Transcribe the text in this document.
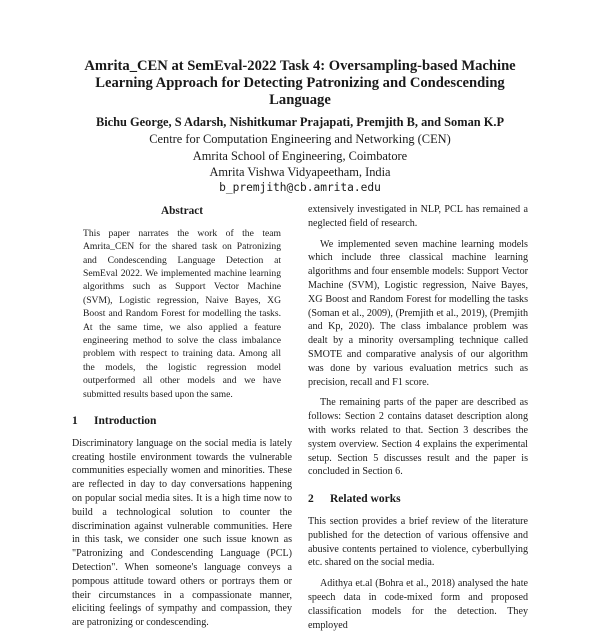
Amrita_CEN at SemEval-2022 Task 4: Oversampling-based Machine
Learning Approach for Detecting Patronizing and Condescending
Language
Bichu George, S Adarsh, Nishitkumar Prajapati, Premjith B, and Soman K.P
Centre for Computation Engineering and Networking (CEN)
Amrita School of Engineering, Coimbatore
Amrita Vishwa Vidyapeetham, India
b_premjith@cb.amrita.edu
Abstract
This paper narrates the work of the team Amrita_CEN for the shared task on Patronizing and Condescending Language Detection at SemEval 2022. We implemented machine learning algorithms such as Support Vector Machine (SVM), Logistic regression, Naive Bayes, XG Boost and Random Forest for modelling the tasks. At the same time, we also applied a feature engineering method to solve the class imbalance problem with respect to training data. Among all the models, the logistic regression model outperformed all other models and we have submitted results based upon the same.
1 Introduction

Discriminatory language on the social media is lately creating hostile environment towards the vulnerable communities especially women and minorities. These are reflected in day to day conversations happening on popular social media sites. It is a high time now to build a technological solution to counter the discrimination against vulnerable communities. Here in this task, we consider one such issue known as "Patronizing and Condescending Language (PCL) Detection". When someone's language conveys a pompous attitude toward others or portrays them or their circumstances in a compassionate manner, eliciting feelings of sympathy and compassion, they are patronizing or condescending.

extensively investigated in NLP, PCL has remained a neglected field of research.

We implemented seven machine learning models which include three classical machine learning algorithms and four ensemble models: Support Vector Machine (SVM), Logistic regression, Naive Bayes, XG Boost and Random Forest for modelling the tasks (Soman et al., 2009), (Premjith et al., 2019), (Premjith and Kp, 2020). The class imbalance problem was dealt by a minority oversampling technique called SMOTE and comparative analysis of our algorithm was done by various evaluation metrics such as precision, recall and F1 score.

The remaining parts of the paper are described as follows: Section 2 contains dataset description along with works related to that. Section 3 describes the system overview. Section 4 explains the experimental setup. Section 5 discusses result and the paper is concluded in Section 6.

2 Related works

This section provides a brief review of the literature published for the detection of various offensive and abusive contents pertained to violence, cyberbullying etc. shared on the social media.

Adithya et.al (Bohra et al., 2018) analysed the hate speech data in code-mixed form and proposed classification models for the detection. They employed
